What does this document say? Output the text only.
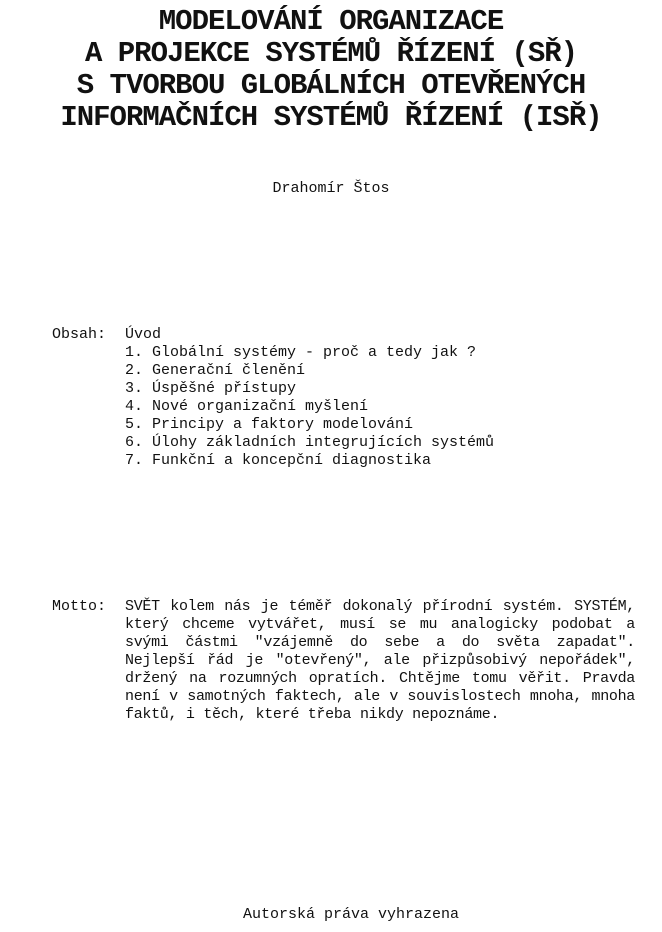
MODELOVÁNÍ ORGANIZACE
A PROJEKCE SYSTÉMŮ ŘÍZENÍ (SŘ)
S TVORBOU GLOBÁLNÍCH OTEVŘENÝCH
INFORMAČNÍCH SYSTÉMŮ ŘÍZENÍ (ISŘ)
Drahomír Štos
Obsah: Úvod
1. Globální systémy - proč a tedy jak ?
2. Generační členění
3. Úspěšné přístupy
4. Nové organizační myšlení
5. Principy a faktory modelování
6. Úlohy základních integrujících systémů
7. Funkční a koncepční diagnostika
Motto: SVĚT kolem nás je téměř dokonalý přírodní systém. SYSTÉM, který chceme vytvářet, musí se mu analogicky podobat a svými částmi "vzájemně do sebe a do světa zapadat". Nejlepší řád je "otevřený", ale přizpůsobivý nepořádek", držený na rozumných opratích. Chtějme tomu věřit. Pravda není v samotných faktech, ale v souvislostech mnoha, mnoha faktů, i těch, které třeba nikdy nepoznáme.
Autorská práva vyhrazena
